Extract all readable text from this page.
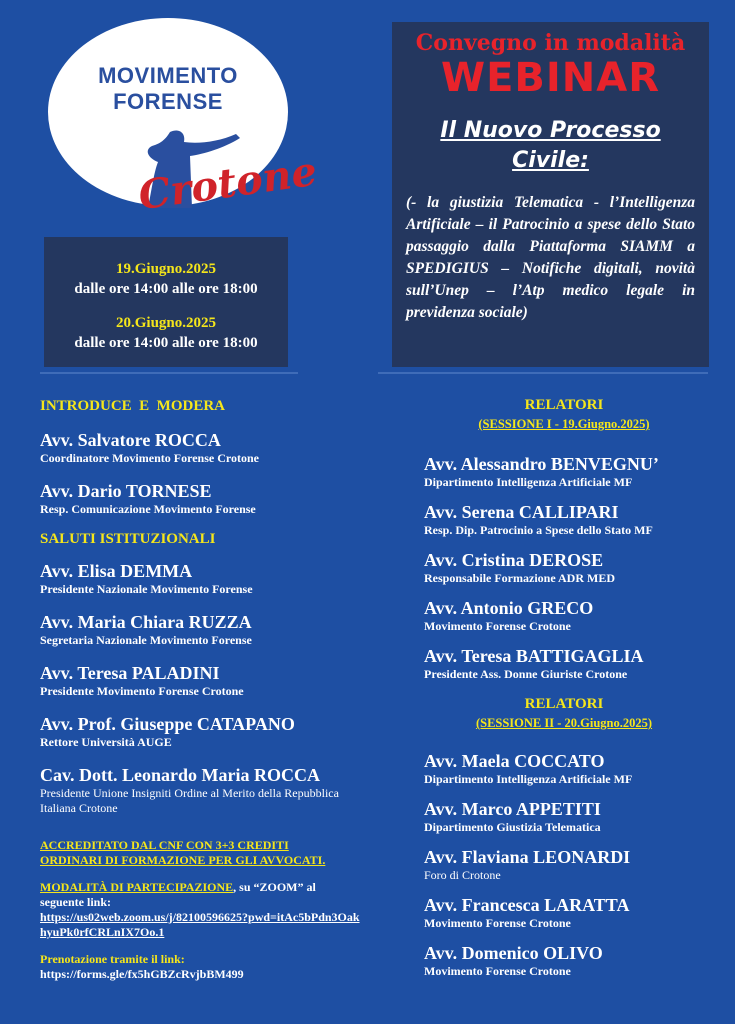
MOVIMENTO
FORENSE
Crotone
19.Giugno.2025
dalle ore 14:00 alle ore 18:00
20.Giugno.2025
dalle ore 14:00 alle ore 18:00
Convegno in modalità
WEBINAR
Il Nuovo Processo
Civile:
(- la giustizia Telematica - l’Intelligenza Artificiale – il Patrocinio a spese dello Stato passaggio dalla Piattaforma SIAMM a SPEDIGIUS – Notifiche digitali, novità sull’Unep – l’Atp medico legale in previdenza sociale)
INTRODUCE  E  MODERA
Avv. Salvatore ROCCA
Coordinatore Movimento Forense Crotone
Avv. Dario TORNESE
Resp. Comunicazione Movimento Forense
SALUTI ISTITUZIONALI
Avv. Elisa DEMMA
Presidente Nazionale Movimento Forense
Avv. Maria Chiara RUZZA
Segretaria Nazionale Movimento Forense
Avv. Teresa PALADINI
Presidente Movimento Forense Crotone
Avv. Prof. Giuseppe CATAPANO
Rettore Università AUGE
Cav. Dott. Leonardo Maria ROCCA
Presidente Unione Insigniti Ordine al Merito della Repubblica Italiana Crotone
ACCREDITATO DAL CNF CON 3+3 CREDITI ORDINARI DI FORMAZIONE PER GLI AVVOCATI.
MODALITÀ DI PARTECIPAZIONE, su “ZOOM” al seguente link:
https://us02web.zoom.us/j/82100596625?pwd=itAc5bPdn3OakhyuPk0rfCRLnIX7Oo.1
Prenotazione tramite il link:
https://forms.gle/fx5hGBZcRvjbBM499
RELATORI
(SESSIONE I - 19.Giugno.2025)
Avv. Alessandro BENVEGNU’
Dipartimento Intelligenza Artificiale MF
Avv. Serena CALLIPARI
Resp. Dip. Patrocinio a Spese dello Stato MF
Avv. Cristina DEROSE
Responsabile Formazione ADR MED
Avv. Antonio GRECO
Movimento Forense Crotone
Avv. Teresa BATTIGAGLIA
Presidente Ass. Donne Giuriste Crotone
RELATORI
(SESSIONE II - 20.Giugno.2025)
Avv. Maela COCCATO
Dipartimento Intelligenza Artificiale MF
Avv. Marco APPETITI
Dipartimento Giustizia Telematica
Avv. Flaviana LEONARDI
Foro di Crotone
Avv. Francesca LARATTA
Movimento Forense Crotone
Avv. Domenico OLIVO
Movimento Forense Crotone
